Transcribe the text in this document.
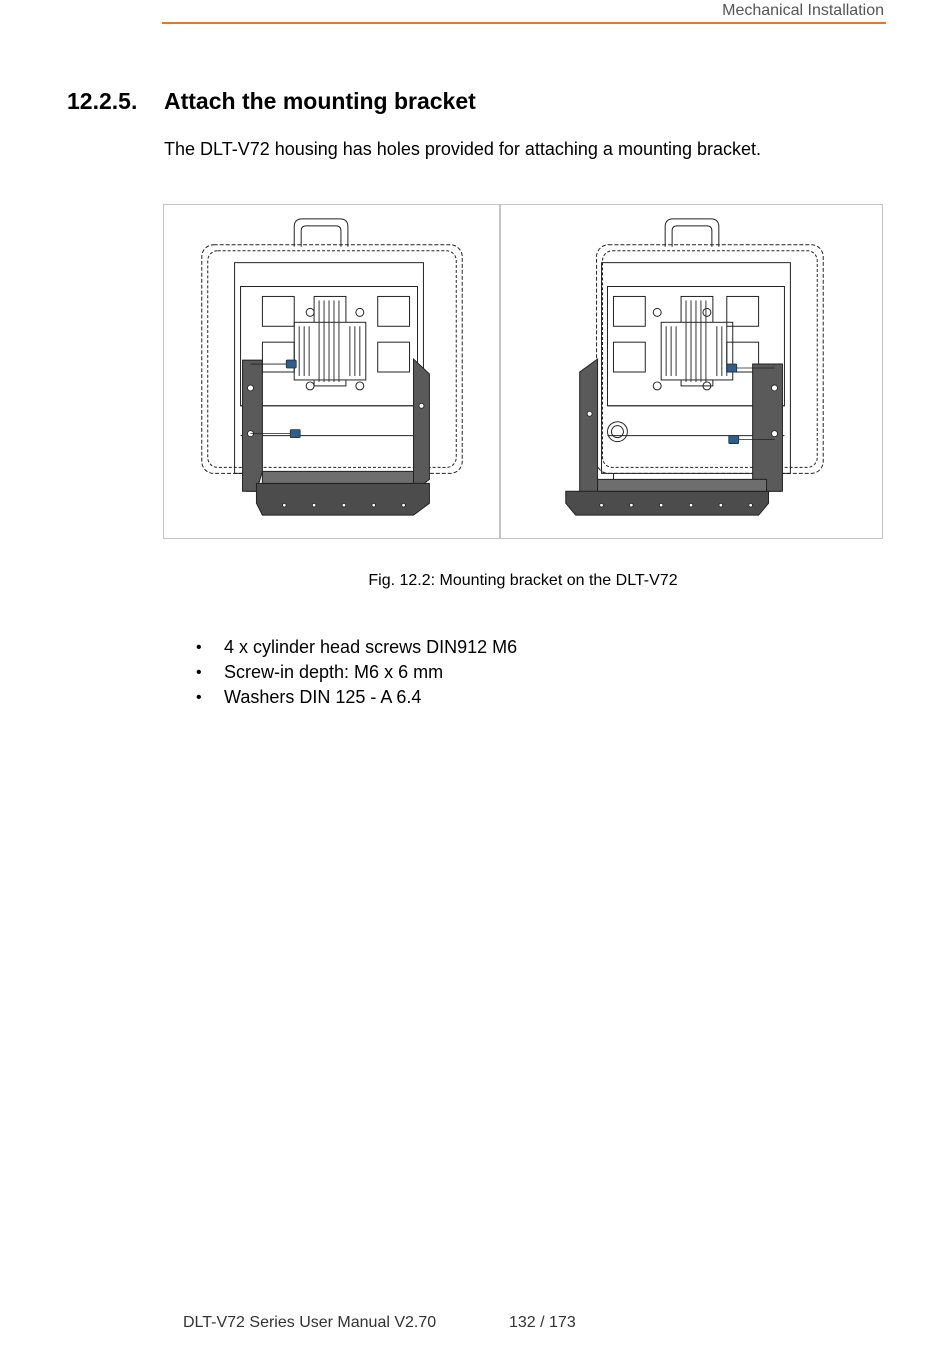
Mechanical Installation
12.2.5. Attach the mounting bracket
The DLT-V72 housing has holes provided for attaching a mounting bracket.
Fig. 12.2: Mounting bracket on the DLT-V72
• 4 x cylinder head screws DIN912 M6
• Screw-in depth: M6 x 6 mm
• Washers DIN 125 - A 6.4
DLT-V72 Series User Manual V2.70	132 / 173
